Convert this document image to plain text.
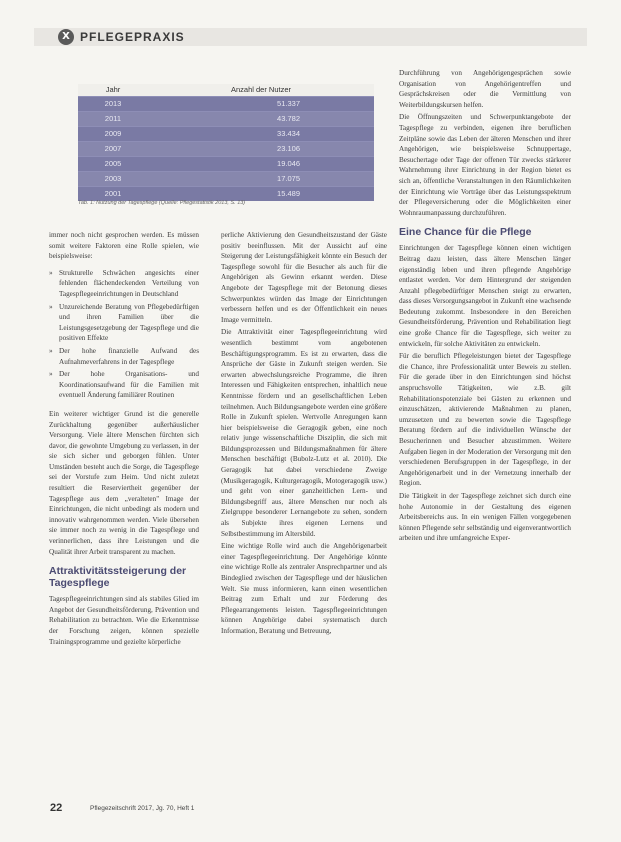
X PFLEGEPRAXIS
Jahr	Anzahl der Nutzer
2013	51.337
2011	43.782
2009	33.434
2007	23.106
2005	19.046
2003	17.075
2001	15.489
Tab. 1: Nutzung der Tagespflege (Quelle: Pflegestatistik 2013, S. 13)

immer noch nicht gesprochen werden. Es müssen somit weitere Faktoren eine Rolle spielen, wie beispielsweise:

» Strukturelle Schwächen angesichts einer fehlenden flächendeckenden Verteilung von Tagespflegeeinrichtungen in Deutschland
» Unzureichende Beratung von Pflegebedürftigen und ihren Familien über die Leistungsgesetzgebung der Tagespflege und die positiven Effekte
» Der hohe finanzielle Aufwand des Aufnahmeverfahrens in der Tagespflege
» Der hohe Organisations- und Koordinationsaufwand für die Familien mit eventuell Änderung familiärer Routinen

Ein weiterer wichtiger Grund ist die generelle Zurückhaltung gegenüber außerhäuslicher Versorgung. Viele ältere Menschen fürchten sich davor, die gewohnte Umgebung zu verlassen, in der sie sich sicher und geborgen fühlen. Unter Umständen besteht auch die Sorge, die Tagespflege sei der Vorstufe zum Heim. Und nicht zuletzt resultiert die Reserviertheit gegenüber der Tagespflege aus dem „veralteten" Image der Einrichtungen, die nicht unbedingt als modern und innovativ wahrgenommen werden. Viele übersehen sie immer noch zu wenig in die Tagespflege und verinnerlichen, dass ihre Leistungen und die Qualität ihrer Arbeit transparent zu machen.

Attraktivitätssteigerung der Tagespflege

Tagespflegeeinrichtungen sind als stabiles Glied im Angebot der Gesundheitsförderung, Prävention und Rehabilitation zu betrachten. Wie die Erkenntnisse der Forschung zeigen, können spezielle Trainingsprogramme und gezielte körperliche

perliche Aktivierung den Gesundheitszustand der Gäste positiv beeinflussen. Mit der Aussicht auf eine Steigerung der Leistungsfähigkeit könnte ein Besuch der Tagespflege sowohl für die Besucher als auch für die Angehörigen als Gewinn erkannt werden. Diese Angebote der Tagespflege mit der Betonung dieses Schwerpunktes würden das Image der Einrichtungen verbessern helfen und es der Öffentlichkeit ein neues Image vermitteln.

Die Attraktivität einer Tagespflegeeinrichtung wird wesentlich bestimmt vom angebotenen Beschäftigungsprogramm. Es ist zu erwarten, dass die Ansprüche der Gäste in Zukunft steigen werden. Sie erwarten abwechslungsreiche Programme, die ihren Interessen und Fähigkeiten entsprechen, inhaltlich neue Kenntnisse fördern und an gesellschaftlichen Leben teilnehmen. Auch Bildungsangebote werden eine größere Rolle in Zukunft spielen. Wertvolle Anregungen kann hier beispielsweise die Geragogik geben, eine noch relativ junge wissenschaftliche Disziplin, die sich mit Bildungsprozessen und Bildungsmaßnahmen für ältere Menschen beschäftigt (Bubolz-Lutz et al. 2010). Die Geragogik hat dabei verschiedene Zweige (Musikgeragogik, Kulturgeragogik, Motogeragogik usw.) und geht von einer ganzheitlichen Lern- und Bildungsbegriff aus, ältere Menschen nur noch als Zielgruppe besonderer Lernangebote zu sehen, sondern als Subjekte ihres eigenen Lernens und Selbstbestimmung im Altersbild.

Eine wichtige Rolle wird auch die Angehörigenarbeit einer Tagespflegeeinrichtung. Der Angehörige könnte eine wichtige Rolle als zentraler Ansprechpartner und als Bindeglied zwischen der Tagespflege und der häuslichen Welt. Sie muss informieren, kann einen wesentlichen Beitrag zum Erhalt und zur Förderung des Pflegearrangements leisten. Tagespflegeeinrichtungen können Angehörige dabei systematisch durch Information, Beratung und Betreuung,

Durchführung von Angehörigengesprächen sowie Organisation von Angehörigentreffen und Gesprächskreisen oder die Vermittlung von Weiterbildungskursen helfen.

Die Öffnungszeiten und Schwerpunktangebote der Tagespflege zu verbinden, eigenen ihre beruflichen Zeitpläne sowie das Leben der älteren Menschen und ihrer Angehörigen, wie beispielsweise Schnuppertage, Besuchertage oder Tage der offenen Tür zwecks stärkerer Wahrnehmung ihrer Einrichtung in der Region bietet es sich an, öffentliche Veranstaltungen in den Räumlichkeiten der Einrichtung wie Vorträge über das Leistungsspektrum der Pflegeversicherung oder die Möglichkeiten einer Wohnraumanpassung durchzuführen.

Eine Chance für die Pflege

Einrichtungen der Tagespflege können einen wichtigen Beitrag dazu leisten, dass ältere Menschen länger eigenständig leben und ihren pflegende Angehörige entlastet werden. Vor dem Hintergrund der steigenden Anzahl pflegebedürftiger Menschen steigt zu erwarten, dass dieses Versorgungsangebot in Zukunft eine wachsende Bedeutung zukommt. Insbesondere in den Bereichen Gesundheitsförderung, Prävention und Rehabilitation liegt eine große Chance für die Tagespflege, sich weiter zu entwickeln, für solche Aktivitäten zu entwickeln.

Für die beruflich Pflegeleistungen bietet der Tagespflege die Chance, ihre Professionalität unter Beweis zu stellen. Für die gerade über in den Einrichtungen sind höchst anspruchsvolle Tätigkeiten, wie z.B. gilt Rehabilitationspotenziale bei Gästen zu erkennen und einzuschätzen, aktivierende Maßnahmen zu planen, umzusetzen und zu bewerten sowie die Tagespflege Beratung fördern auf die individuellen Wünsche der Besucherinnen und Besucher abzustimmen. Weitere Aufgaben liegen in der Moderation der Versorgung mit den verschiedenen Berufsgruppen in der Tagespflege, in der Angehörigenarbeit und in der Vernetzung innerhalb der Region.

Die Tätigkeit in der Tagespflege zeichnet sich durch eine hohe Autonomie in der Gestaltung des eigenen Arbeitsbereichs aus. In ein wenigen Fällen vorgegebenen können Pflegende sehr selbständig und eigenverantwortlich arbeiten und ihre umfangreiche Exper-

22	Pflegezeitschrift 2017, Jg. 70, Heft 1
